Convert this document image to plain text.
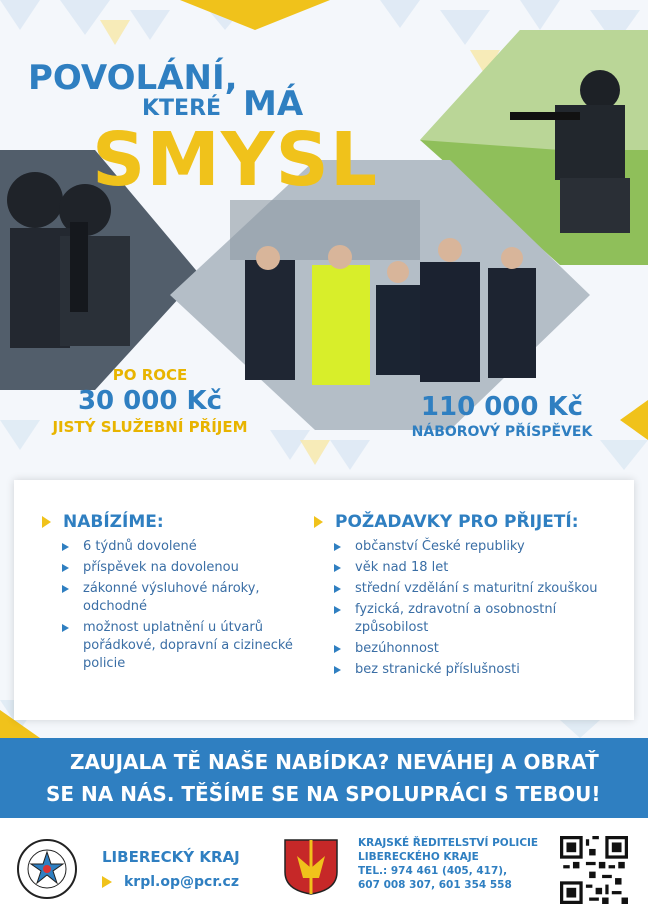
POVOLÁNÍ,
KTERÉ MÁ
SMYSL
PO ROCE
30 000 Kč
JISTÝ SLUŽEBNÍ PŘÍJEM
110 000 Kč
NÁBOROVÝ PŘÍSPĚVEK
NABÍZÍME:
6 týdnů dovolené
příspěvek na dovolenou
zákonné výsluhové nároky, odchodné
možnost uplatnění u útvarů pořádkové, dopravní a cizinecké policie
POŽADAVKY PRO PŘIJETÍ:
občanství České republiky
věk nad 18 let
střední vzdělání s maturitní zkouškou
fyzická, zdravotní a osobnostní způsobilost
bezúhonnost
bez stranické příslušnosti
ZAUJALA TĚ NAŠE NABÍDKA? NEVÁHEJ A OBRAŤ
SE NA NÁS. TĚŠÍME SE NA SPOLUPRÁCI S TEBOU!
LIBERECKÝ KRAJ
krpl.op@pcr.cz
KRAJSKÉ ŘEDITELSTVÍ POLICIE
LIBERECKÉHO KRAJE
TEL.: 974 461 (405, 417),
607 008 307, 601 354 558
